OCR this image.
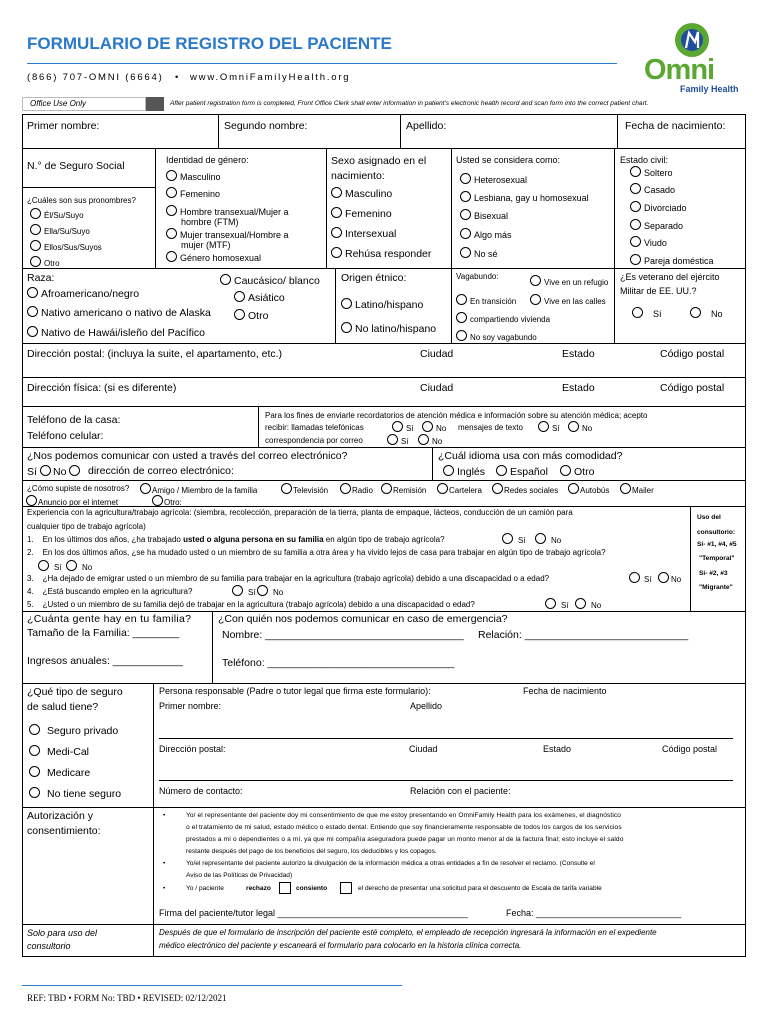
FORMULARIO DE REGISTRO DEL PACIENTE
(866) 707-OMNI (6664) • www.OmniFamilyHealth.org	Omni
Family Health
Office Use Only	After patient registration form is completed, Front Office Clerk shall enter information in patient's electronic health record and scan form into the correct patient chart.
Primer nombre:	Segundo nombre:	Apellido:	Fecha de nacimiento:
N.° de Seguro Social
¿Cuáles son sus pronombres?
Él/Su/Suyo
Ella/Su/Suyo
Ellos/Sus/Suyos
Otro
Identidad de género:
Masculino
Femenino
Hombre transexual/Mujer a
hombre (FTM)
Mujer transexual/Hombre a
mujer (MTF)
Género homosexual
Sexo asignado en el
nacimiento:
Masculino
Femenino
Intersexual
Rehúsa responder
Usted se considera como:
Heterosexual
Lesbiana, gay u homosexual
Bisexual
Algo más
No sé
Estado civil:
Soltero
Casado
Divorciado
Separado
Viudo
Pareja doméstica
Raza:
Afroamericano/negro
Nativo americano o nativo de Alaska
Nativo de Hawái/isleño del Pacífico
Caucásico/ blanco
Asiático
Otro
Origen étnico:
Latino/hispano
No latino/hispano
Vagabundo:
Vive en un refugio
En transición	Vive en las calles
compartiendo vivienda
No soy vagabundo
¿Es veterano del ejército
Militar de EE. UU.?
Sí	No
Dirección postal: (incluya la suite, el apartamento, etc.)	Ciudad	Estado	Código postal
Dirección física: (si es diferente)	Ciudad	Estado	Código postal
Teléfono de la casa:
Teléfono celular:
Para los fines de enviarle recordatorios de atención médica e información sobre su atención médica; acepto
recibir: llamadas telefónicas	Sí	No mensajes de texto	Sí	No
correspondencia por correo	Sí	No
¿Nos podemos comunicar con usted a través del correo electrónico?
Sí	No	dirección de correo electrónico:
¿Cuál idioma usa con más comodidad?
Inglés	Español	Otro
¿Cómo supiste de nosotros?	Amigo / Miembro de la familia	Televisión	Radio	Remisión	Cartelera	Redes sociales	Autobús	Mailer
Anuncio por el internet	Otro:
Experiencia con la agricultura/trabajo agrícola: (siembra, recolección, preparación de la tierra, planta de empaque, lácteos, conducción de un camión para
cualquier tipo de trabajo agrícola)
1. En los últimos dos años, ¿ha trabajado usted o alguna persona en su familia en algún tipo de trabajo agrícola?	Sí	No
2. En los dos últimos años, ¿se ha mudado usted o un miembro de su familia a otra área y ha vivido lejos de casa para trabajar en algún tipo de trabajo agrícola?
Sí	No
3. ¿Ha dejado de emigrar usted o un miembro de su familia para trabajar en la agricultura (trabajo agrícola) debido a una discapacidad o a edad?	Sí	No
4. ¿Está buscando empleo en la agricultura?	Sí	No
5. ¿Usted o un miembro de su familia dejó de trabajar en la agricultura (trabajo agrícola) debido a una discapacidad o edad?	Sí	No
Uso del
consultorio:
Sí- #1, #4, #5
"Temporal"
Sí- #2, #3
"Migrante"
¿Cuánta gente hay en tu familia?
Tamaño de la Familia: ________
Ingresos anuales: ____________
¿Con quién nos podemos comunicar en caso de emergencia?
Nombre: __________________________________ Relación: ____________________________
Teléfono: ________________________________
¿Qué tipo de seguro
de salud tiene?
Seguro privado
Medi-Cal
Medicare
No tiene seguro
Persona responsable (Padre o tutor legal que firma este formulario):	Fecha de nacimiento
Primer nombre:	Apellido
Dirección postal:	Ciudad	Estado	Código postal
Número de contacto:	Relación con el paciente:
Autorización y
consentimiento:
•	Yo/ el representante del paciente doy mi consentimiento de que me estoy presentando en OmniFamily Health para los exámenes, el diagnóstico
o el tratamiento de mi salud, estado médico o estado dental. Entiendo que soy financieramente responsable de todos los cargos de los servicios
prestados a mí o dependientes o a mí, ya que mi compañía aseguradora puede pagar un monto menor al de la factura final; esto incluye el saldo
restante después del pago de los beneficios del seguro, los deducibles y los copagos.
•	Yo/el representante del paciente autorizo la divulgación de la información médica a otras entidades a fin de resolver el reclamo. (Consulte el
Aviso de las Políticas de Privacidad)
•	Yo / paciente	rechazo	consiento	el derecho de presentar una solicitud para el descuento de Escala de tarifa variable
Firma del paciente/tutor legal ______________________________________	Fecha: _____________________________
Solo para uso del
consultorio
Después de que el formulario de inscripción del paciente esté completo, el empleado de recepción ingresará la información en el expediente
médico electrónico del paciente y escaneará el formulario para colocarlo en la historia clínica correcta.
REF: TBD • FORM No: TBD • REVISED: 02/12/2021
